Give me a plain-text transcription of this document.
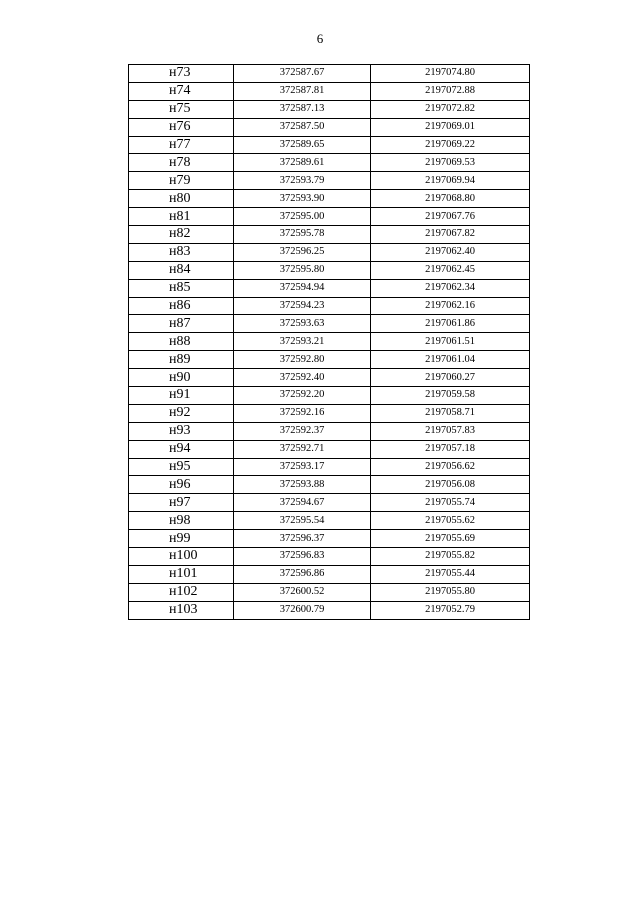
6
н73	372587.67	2197074.80
н74	372587.81	2197072.88
н75	372587.13	2197072.82
н76	372587.50	2197069.01
н77	372589.65	2197069.22
н78	372589.61	2197069.53
н79	372593.79	2197069.94
н80	372593.90	2197068.80
н81	372595.00	2197067.76
н82	372595.78	2197067.82
н83	372596.25	2197062.40
н84	372595.80	2197062.45
н85	372594.94	2197062.34
н86	372594.23	2197062.16
н87	372593.63	2197061.86
н88	372593.21	2197061.51
н89	372592.80	2197061.04
н90	372592.40	2197060.27
н91	372592.20	2197059.58
н92	372592.16	2197058.71
н93	372592.37	2197057.83
н94	372592.71	2197057.18
н95	372593.17	2197056.62
н96	372593.88	2197056.08
н97	372594.67	2197055.74
н98	372595.54	2197055.62
н99	372596.37	2197055.69
н100	372596.83	2197055.82
н101	372596.86	2197055.44
н102	372600.52	2197055.80
н103	372600.79	2197052.79
